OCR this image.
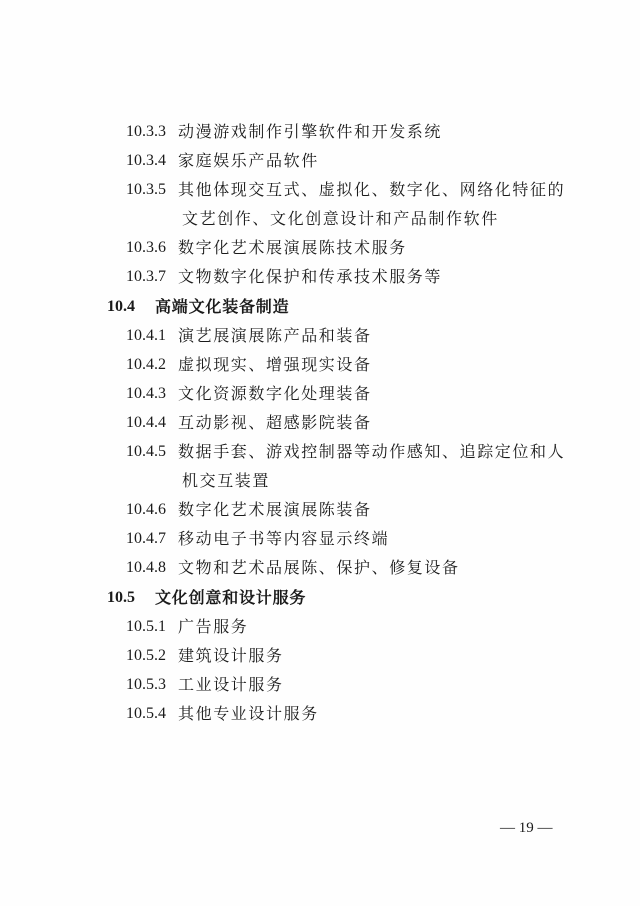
10.3.3 动漫游戏制作引擎软件和开发系统
10.3.4 家庭娱乐产品软件
10.3.5 其他体现交互式、虚拟化、数字化、网络化特征的
文艺创作、文化创意设计和产品制作软件
10.3.6 数字化艺术展演展陈技术服务
10.3.7 文物数字化保护和传承技术服务等
10.4 高端文化装备制造
10.4.1 演艺展演展陈产品和装备
10.4.2 虚拟现实、增强现实设备
10.4.3 文化资源数字化处理装备
10.4.4 互动影视、超感影院装备
10.4.5 数据手套、游戏控制器等动作感知、追踪定位和人
机交互装置
10.4.6 数字化艺术展演展陈装备
10.4.7 移动电子书等内容显示终端
10.4.8 文物和艺术品展陈、保护、修复设备
10.5 文化创意和设计服务
10.5.1 广告服务
10.5.2 建筑设计服务
10.5.3 工业设计服务
10.5.4 其他专业设计服务
— 19 —
